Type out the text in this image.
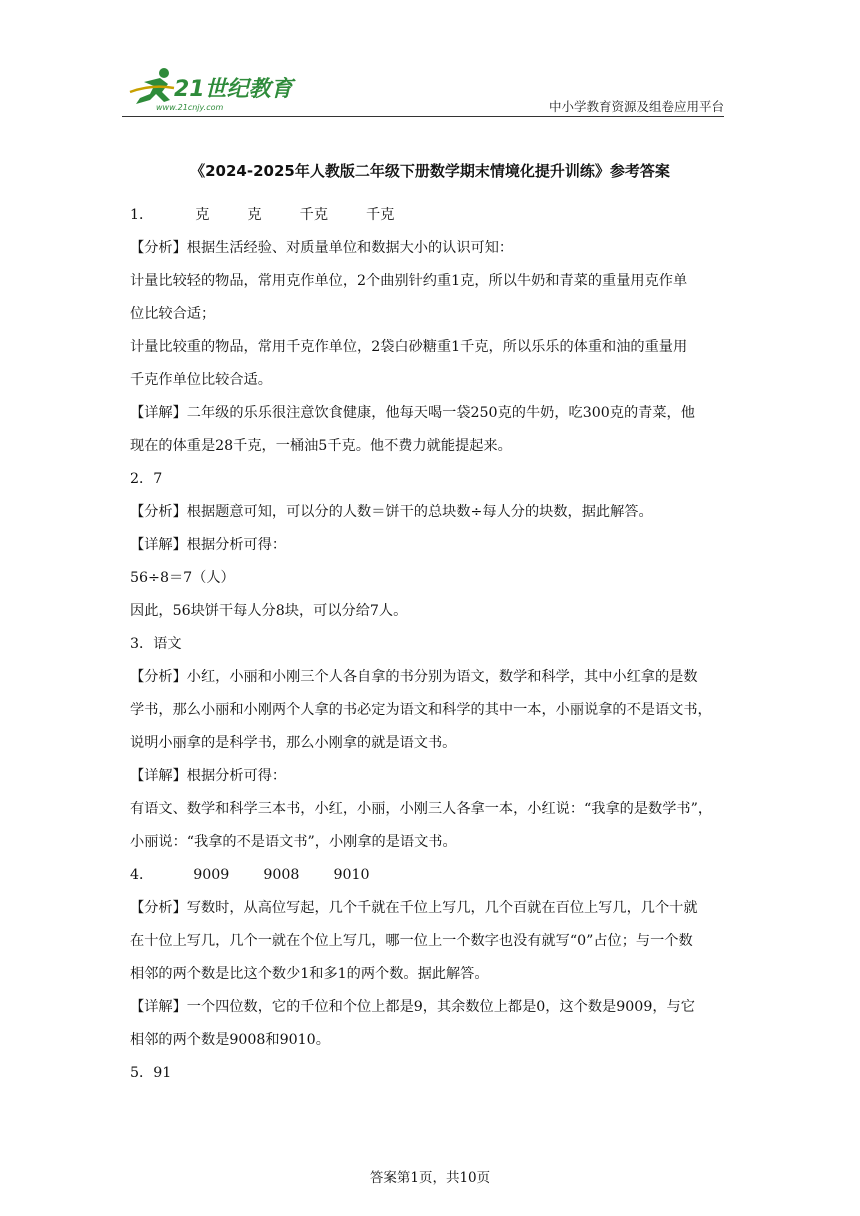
21世纪教育
www.21cnjy.com	中小学教育资源及组卷应用平台
《2024-2025年人教版二年级下册数学期末情境化提升训练》参考答案
1．	克	克	千克	千克
【分析】根据生活经验、对质量单位和数据大小的认识可知：
计量比较轻的物品，常用克作单位，2个曲别针约重1克，所以牛奶和青菜的重量用克作单
位比较合适；
计量比较重的物品，常用千克作单位，2袋白砂糖重1千克，所以乐乐的体重和油的重量用
千克作单位比较合适。
【详解】二年级的乐乐很注意饮食健康，他每天喝一袋250克的牛奶，吃300克的青菜，他
现在的体重是28千克，一桶油5千克。他不费力就能提起来。
2．7
【分析】根据题意可知，可以分的人数＝饼干的总块数÷每人分的块数，据此解答。
【详解】根据分析可得：
56÷8＝7（人）
因此，56块饼干每人分8块，可以分给7人。
3．语文
【分析】小红，小丽和小刚三个人各自拿的书分别为语文，数学和科学，其中小红拿的是数
学书，那么小丽和小刚两个人拿的书必定为语文和科学的其中一本，小丽说拿的不是语文书，
说明小丽拿的是科学书，那么小刚拿的就是语文书。
【详解】根据分析可得：
有语文、数学和科学三本书，小红，小丽，小刚三人各拿一本，小红说：“我拿的是数学书”，
小丽说：“我拿的不是语文书”，小刚拿的是语文书。
4．	9009 9008 9010
【分析】写数时，从高位写起，几个千就在千位上写几，几个百就在百位上写几，几个十就
在十位上写几，几个一就在个位上写几，哪一位上一个数字也没有就写“0”占位；与一个数
相邻的两个数是比这个数少1和多1的两个数。据此解答。
【详解】一个四位数，它的千位和个位上都是9，其余数位上都是0，这个数是9009，与它
相邻的两个数是9008和9010。
5．91
答案第1页，共10页
